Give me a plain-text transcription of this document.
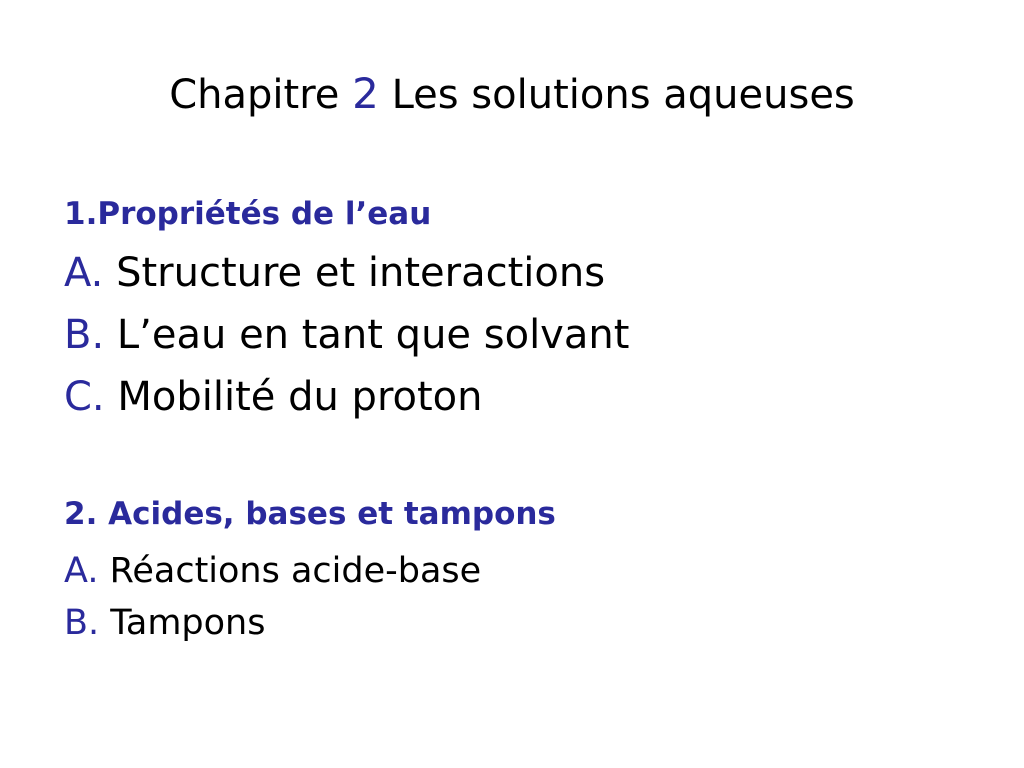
Chapitre 2 Les solutions aqueuses
1.Propriétés de l’eau
A. Structure et interactions
B. L’eau en tant que solvant
C. Mobilité du proton
2. Acides, bases et tampons
A. Réactions acide-base
B. Tampons
